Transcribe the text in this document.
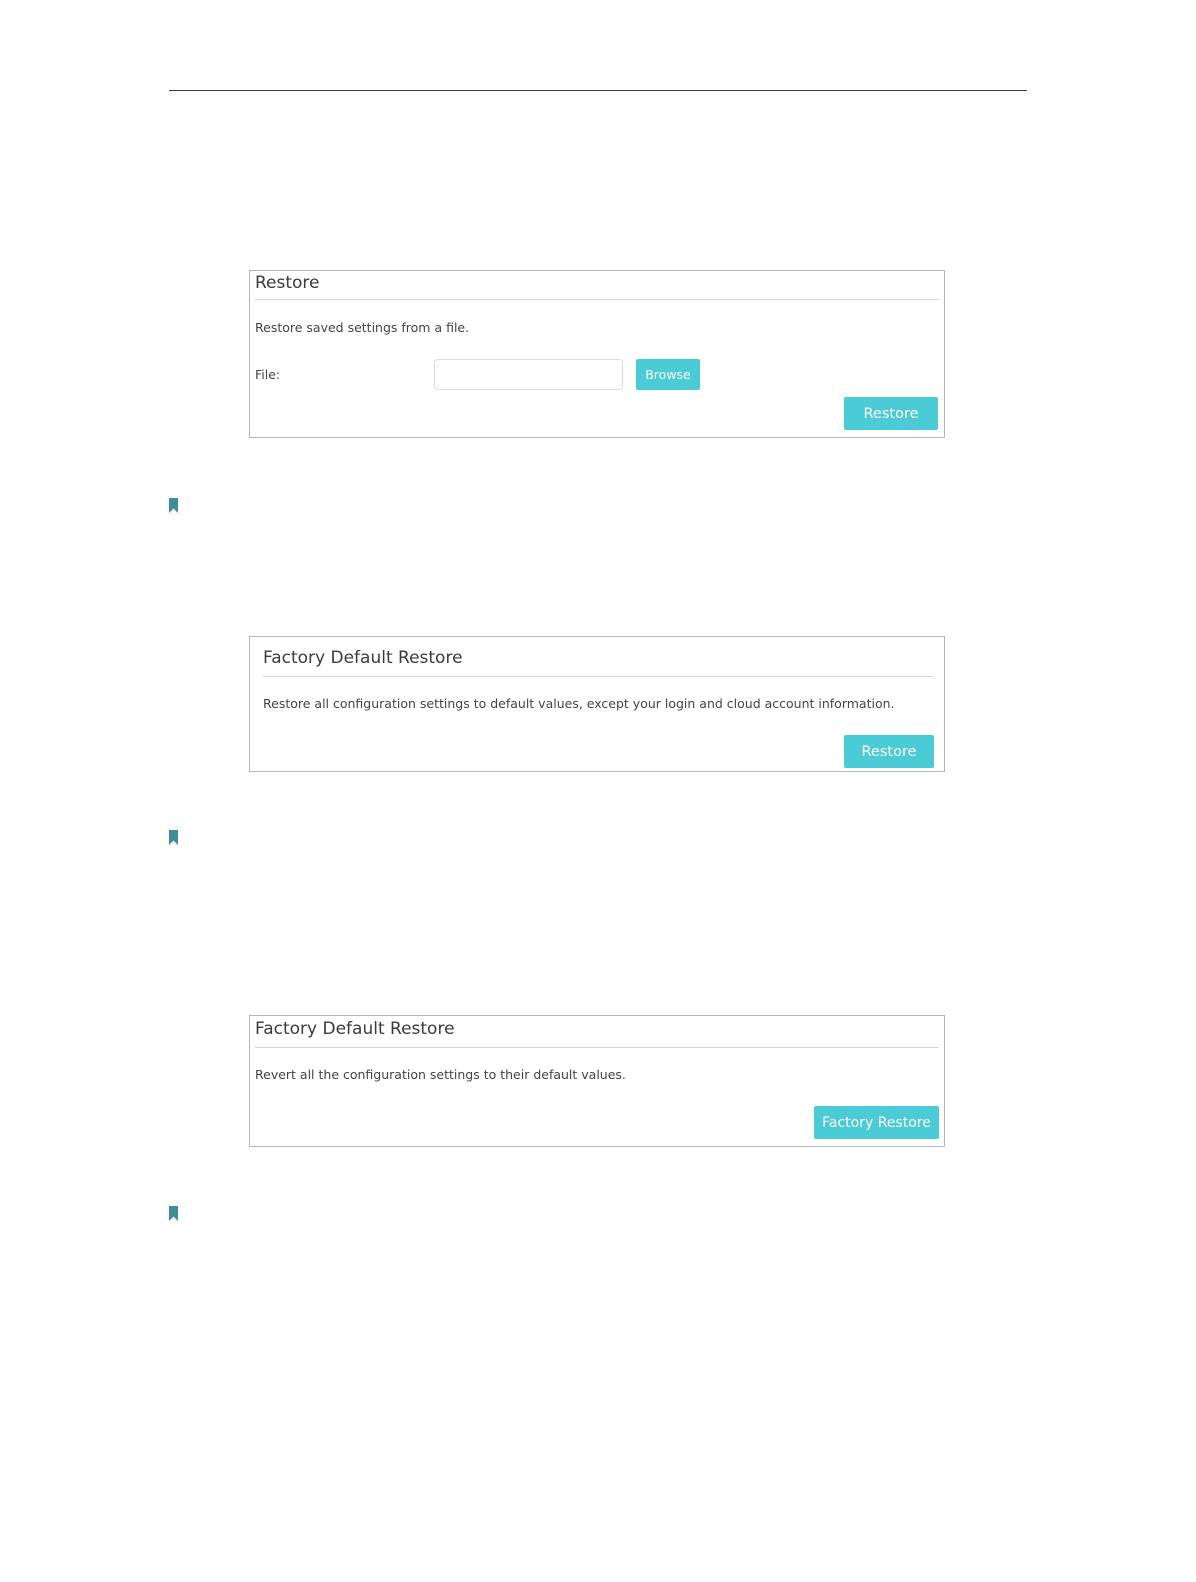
Restore
Restore saved settings from a file.
File:	Browse
Restore
Factory Default Restore
Restore all configuration settings to default values, except your login and cloud account information.
Restore
Factory Default Restore
Revert all the configuration settings to their default values.
Factory Restore
